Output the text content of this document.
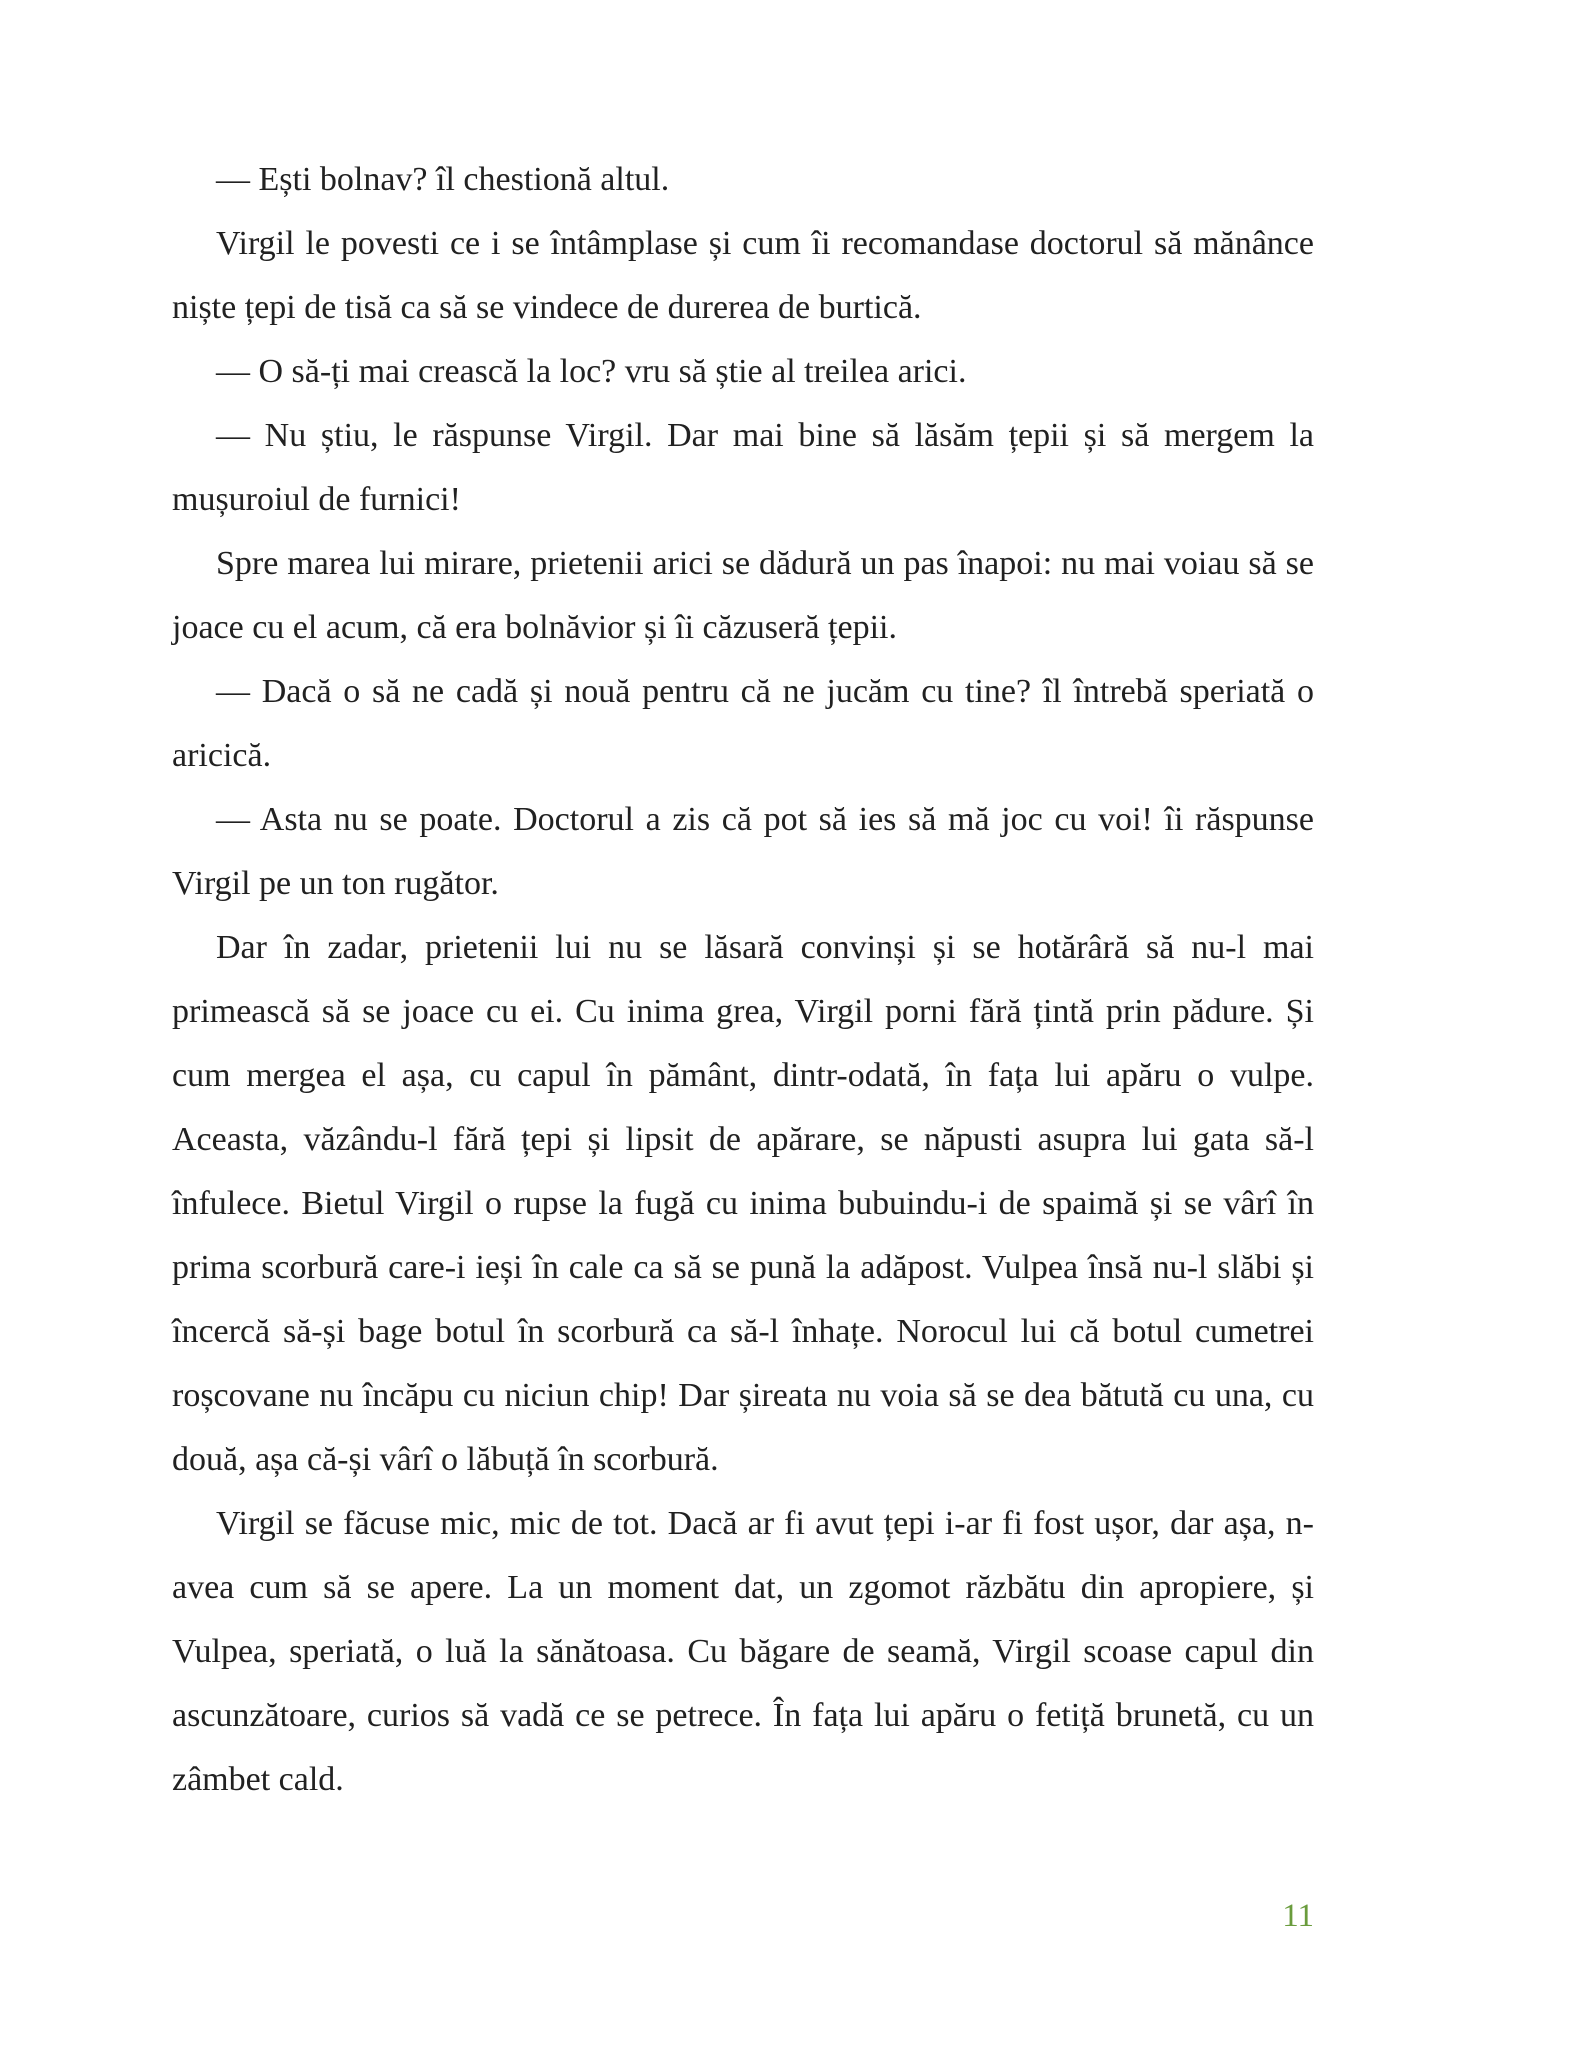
— Ești bolnav? îl chestionă altul.

Virgil le povesti ce i se întâmplase și cum îi recomandase doctorul să mănânce niște țepi de tisă ca să se vindece de durerea de burtică.

— O să-ți mai crească la loc? vru să știe al treilea arici.

— Nu știu, le răspunse Virgil. Dar mai bine să lăsăm țepii și să mergem la mușuroiul de furnici!

Spre marea lui mirare, prietenii arici se dădură un pas înapoi: nu mai voiau să se joace cu el acum, că era bolnăvior și îi căzuseră țepii.

— Dacă o să ne cadă și nouă pentru că ne jucăm cu tine? îl întrebă speriată o aricică.

— Asta nu se poate. Doctorul a zis că pot să ies să mă joc cu voi! îi răspunse Virgil pe un ton rugător.

Dar în zadar, prietenii lui nu se lăsară convinși și se hotărâră să nu-l mai primească să se joace cu ei. Cu inima grea, Virgil porni fără țintă prin pădure. Și cum mergea el așa, cu capul în pământ, dintr-odată, în fața lui apăru o vulpe. Aceasta, văzându-l fără țepi și lipsit de apărare, se năpusti asupra lui gata să-l înfulece. Bietul Virgil o rupse la fugă cu inima bubuindu-i de spaimă și se vârî în prima scorbură care-i ieși în cale ca să se pună la adăpost. Vulpea însă nu-l slăbi și încercă să-și bage botul în scorbură ca să-l înhațe. Norocul lui că botul cumetrei roșcovane nu încăpu cu niciun chip! Dar șireata nu voia să se dea bătută cu una, cu două, așa că-și vârî o lăbuță în scorbură.

Virgil se făcuse mic, mic de tot. Dacă ar fi avut țepi i-ar fi fost ușor, dar așa, n-avea cum să se apere. La un moment dat, un zgomot răzbătu din apropiere, și Vulpea, speriată, o luă la sănătoasa. Cu băgare de seamă, Virgil scoase capul din ascunzătoare, curios să vadă ce se petrece. În fața lui apăru o fetiță brunetă, cu un zâmbet cald.

11
